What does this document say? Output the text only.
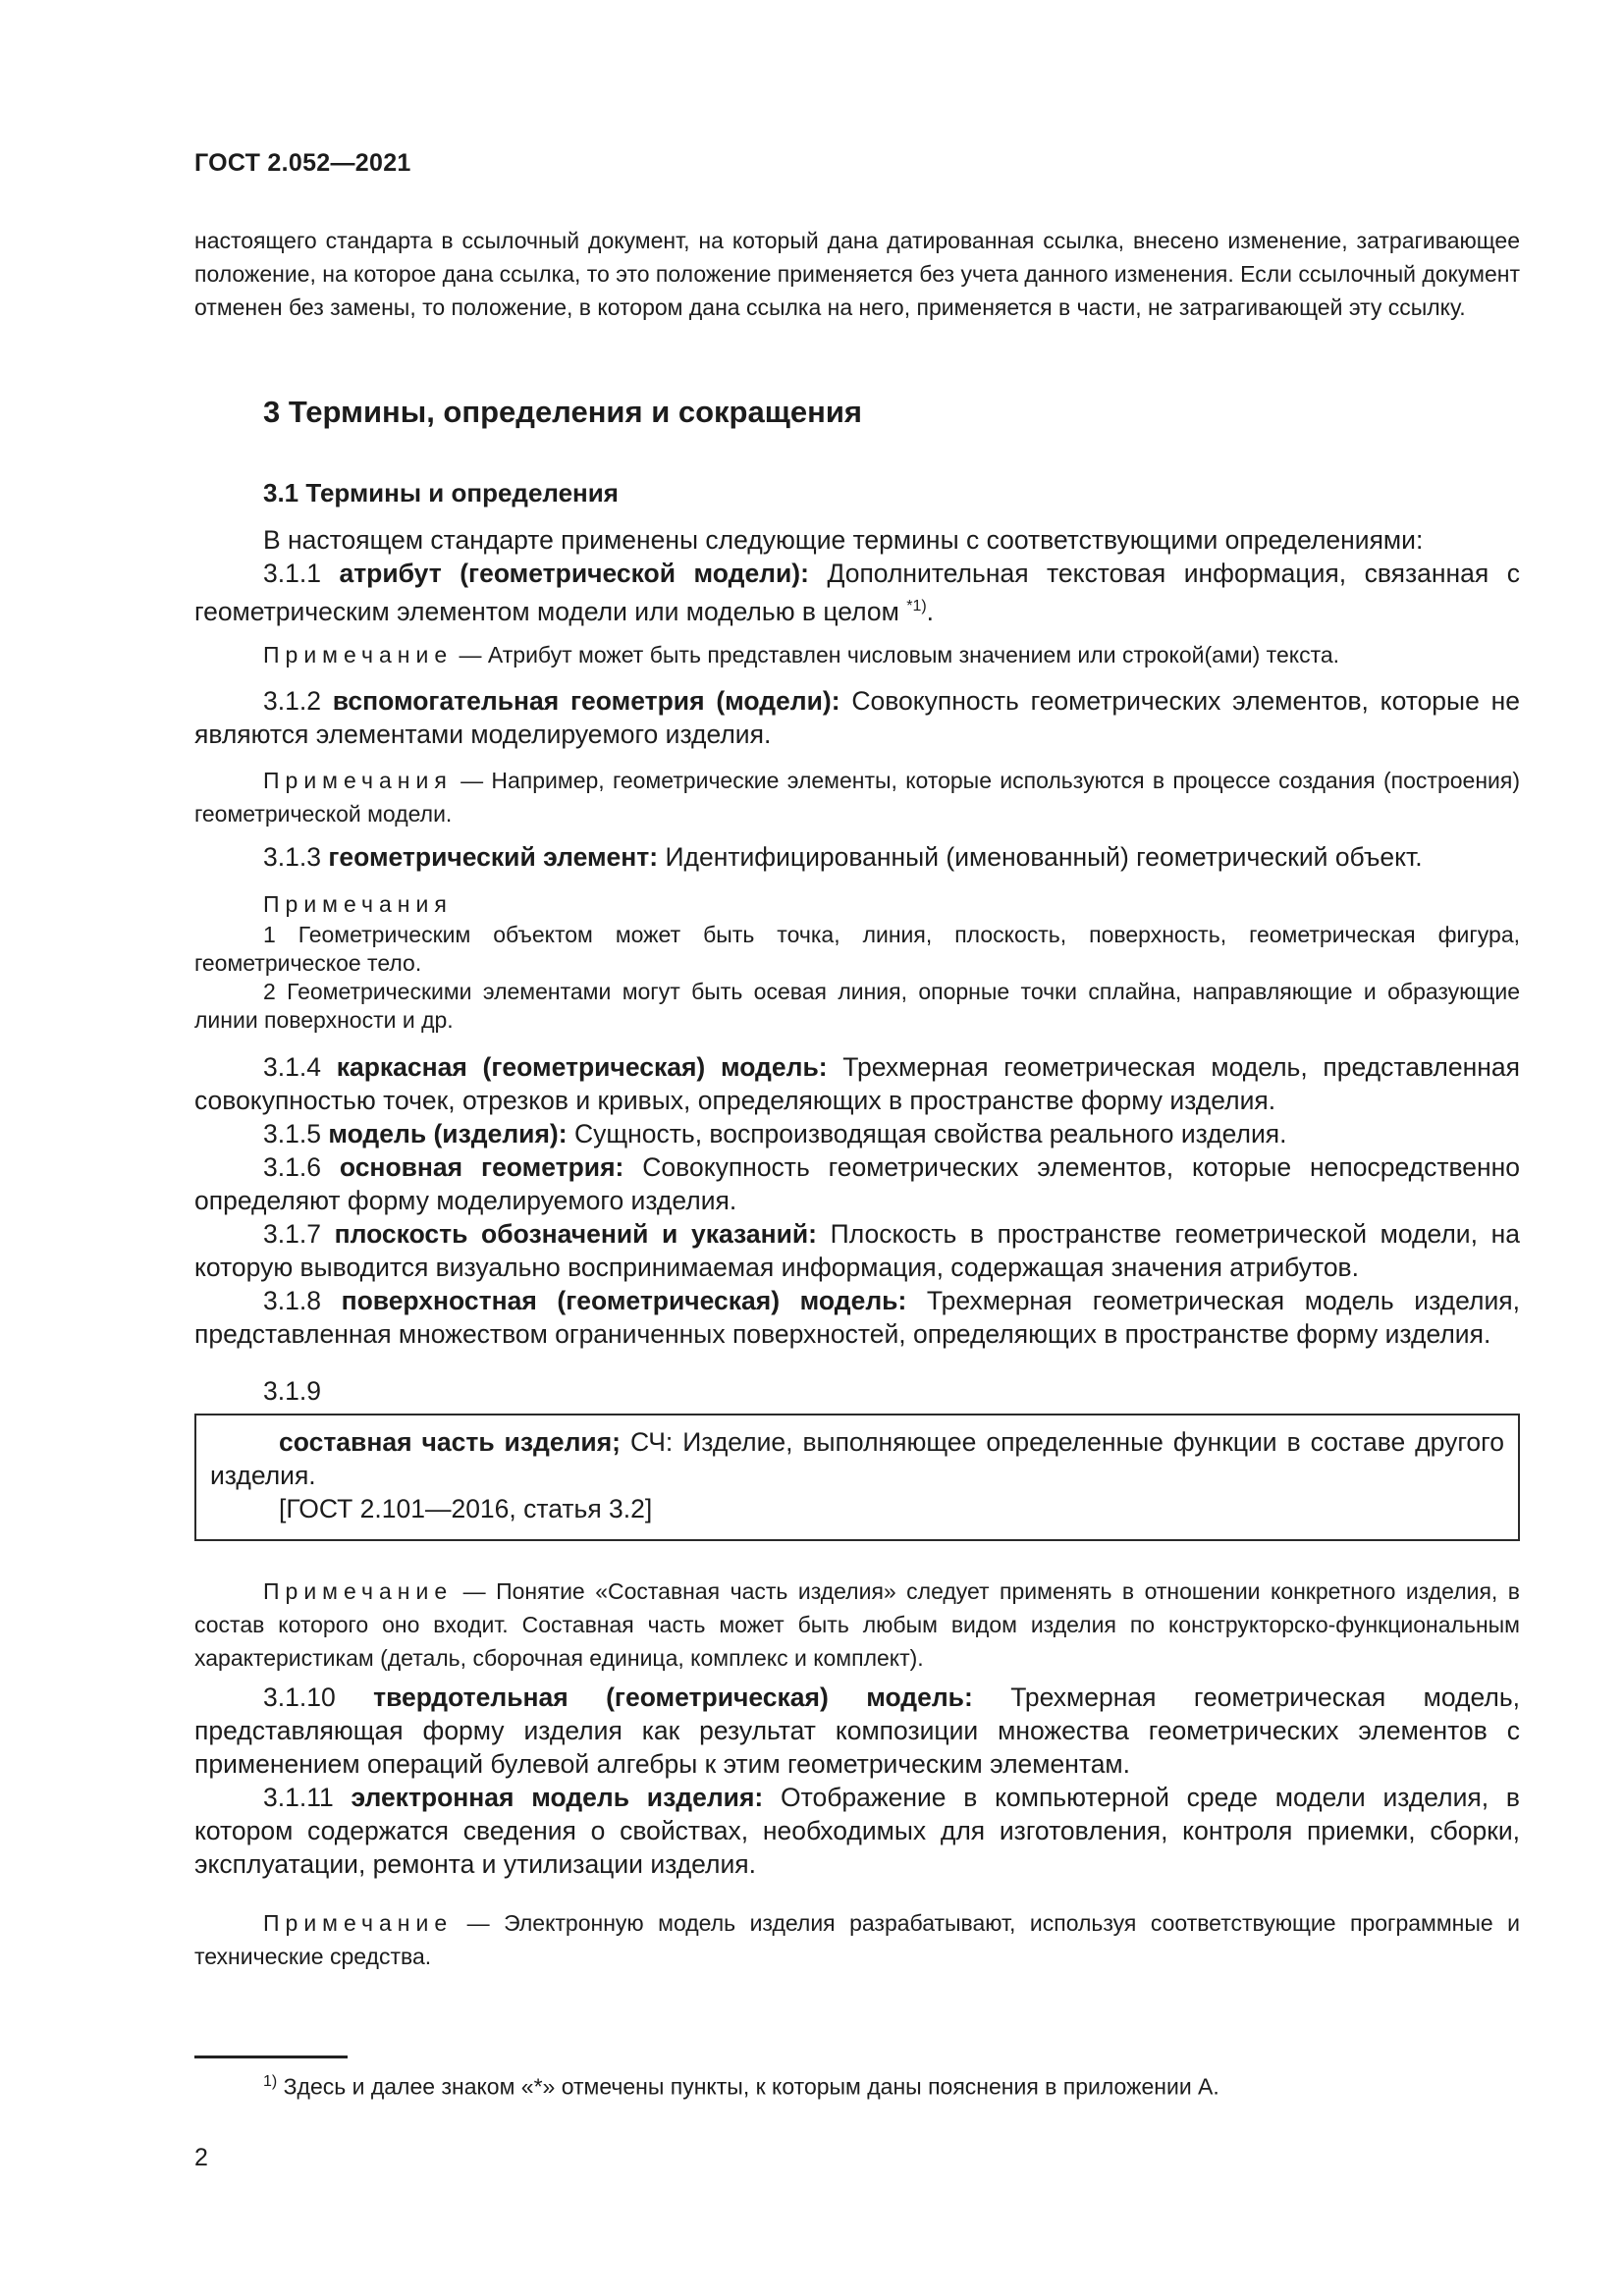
ГОСТ 2.052—2021

настоящего стандарта в ссылочный документ, на который дана датированная ссылка, внесено изменение, затрагивающее положение, на которое дана ссылка, то это положение применяется без учета данного изменения. Если ссылочный документ отменен без замены, то положение, в котором дана ссылка на него, применяется в части, не затрагивающей эту ссылку.

3 Термины, определения и сокращения
3.1 Термины и определения

В настоящем стандарте применены следующие термины с соответствующими определениями:

3.1.1 атрибут (геометрической модели): Дополнительная текстовая информация, связанная с геометрическим элементом модели или моделью в целом $^{*1)}$.

Примечание — Атрибут может быть представлен числовым значением или строкой(ами) текста.

3.1.2 вспомогательная геометрия (модели): Совокупность геометрических элементов, которые не являются элементами моделируемого изделия.

Примечания — Например, геометрические элементы, которые используются в процессе создания (построения) геометрической модели.

3.1.3 геометрический элемент: Идентифицированный (именованный) геометрический объект.

Примечания

1 Геометрическим объектом может быть точка, линия, плоскость, поверхность, геометрическая фигура, геометрическое тело.

2 Геометрическими элементами могут быть осевая линия, опорные точки сплайна, направляющие и образующие линии поверхности и др.

3.1.4 каркасная (геометрическая) модель: Трехмерная геометрическая модель, представленная совокупностью точек, отрезков и кривых, определяющих в пространстве форму изделия.

3.1.5 модель (изделия): Сущность, воспроизводящая свойства реального изделия.

3.1.6 основная геометрия: Совокупность геометрических элементов, которые непосредственно определяют форму моделируемого изделия.

3.1.7 плоскость обозначений и указаний: Плоскость в пространстве геометрической модели, на которую выводится визуально воспринимаемая информация, содержащая значения атрибутов.

3.1.8 поверхностная (геометрическая) модель: Трехмерная геометрическая модель изделия, представленная множеством ограниченных поверхностей, определяющих в пространстве форму изделия.

3.1.9

составная часть изделия; СЧ: Изделие, выполняющее определенные функции в составе другого изделия.

[ГОСТ 2.101—2016, статья 3.2]

Примечание — Понятие «Составная часть изделия» следует применять в отношении конкретного изделия, в состав которого оно входит. Составная часть может быть любым видом изделия по конструкторско-функциональным характеристикам (деталь, сборочная единица, комплекс и комплект).

3.1.10 твердотельная (геометрическая) модель: Трехмерная геометрическая модель, представляющая форму изделия как результат композиции множества геометрических элементов с применением операций булевой алгебры к этим геометрическим элементам.

3.1.11 электронная модель изделия: Отображение в компьютерной среде модели изделия, в котором содержатся сведения о свойствах, необходимых для изготовления, контроля приемки, сборки, эксплуатации, ремонта и утилизации изделия.

Примечание — Электронную модель изделия разрабатывают, используя соответствующие программные и технические средства.

$^{1)}$ Здесь и далее знаком «*» отмечены пункты, к которым даны пояснения в приложении А.

2
